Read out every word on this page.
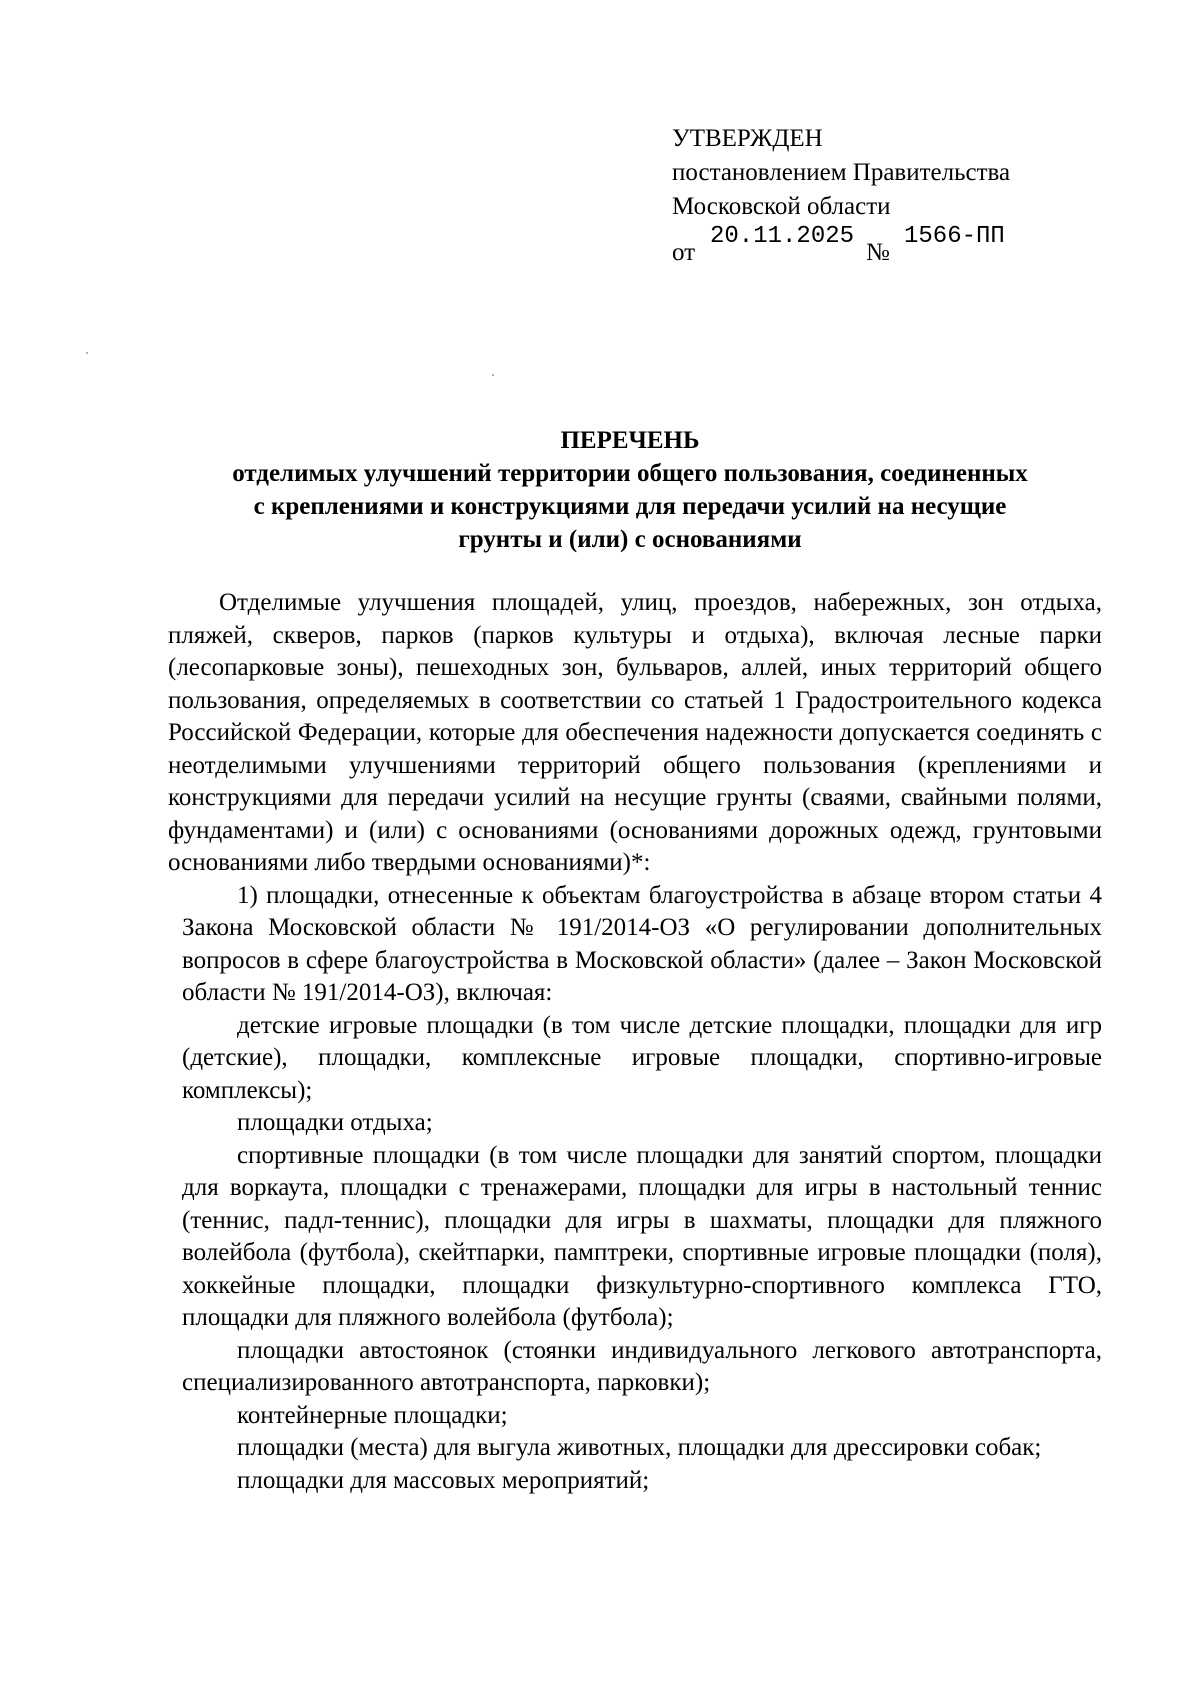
УТВЕРЖДЕН
постановлением Правительства
Московской области
от
20.11.2025
№
1566-ПП
ПЕРЕЧЕНЬ
отделимых улучшений территории общего пользования, соединенных
с креплениями и конструкциями для передачи усилий на несущие
грунты и (или) с основаниями

Отделимые улучшения площадей, улиц, проездов, набережных, зон отдыха, пляжей, скверов, парков (парков культуры и отдыха), включая лесные парки (лесопарковые зоны), пешеходных зон, бульваров, аллей, иных территорий общего пользования, определяемых в соответствии со статьей 1 Градостроительного кодекса Российской Федерации, которые для обеспечения надежности допускается соединять с неотделимыми улучшениями территорий общего пользования (креплениями и конструкциями для передачи усилий на несущие грунты (сваями, свайными полями, фундаментами) и (или) с основаниями (основаниями дорожных одежд, грунтовыми основаниями либо твердыми основаниями)*:

1) площадки, отнесенные к объектам благоустройства в абзаце втором статьи 4 Закона Московской области № 191/2014-ОЗ «О регулировании дополнительных вопросов в сфере благоустройства в Московской области» (далее – Закон Московской области № 191/2014-ОЗ), включая:

детские игровые площадки (в том числе детские площадки, площадки для игр (детские), площадки, комплексные игровые площадки, спортивно-игровые комплексы);

площадки отдыха;

спортивные площадки (в том числе площадки для занятий спортом, площадки для воркаута, площадки с тренажерами, площадки для игры в настольный теннис (теннис, падл-теннис), площадки для игры в шахматы, площадки для пляжного волейбола (футбола), скейтпарки, памптреки, спортивные игровые площадки (поля), хоккейные площадки, площадки физкультурно-спортивного комплекса ГТО, площадки для пляжного волейбола (футбола);

площадки автостоянок (стоянки индивидуального легкового автотранспорта, специализированного автотранспорта, парковки);

контейнерные площадки;

площадки (места) для выгула животных, площадки для дрессировки собак;

площадки для массовых мероприятий;
